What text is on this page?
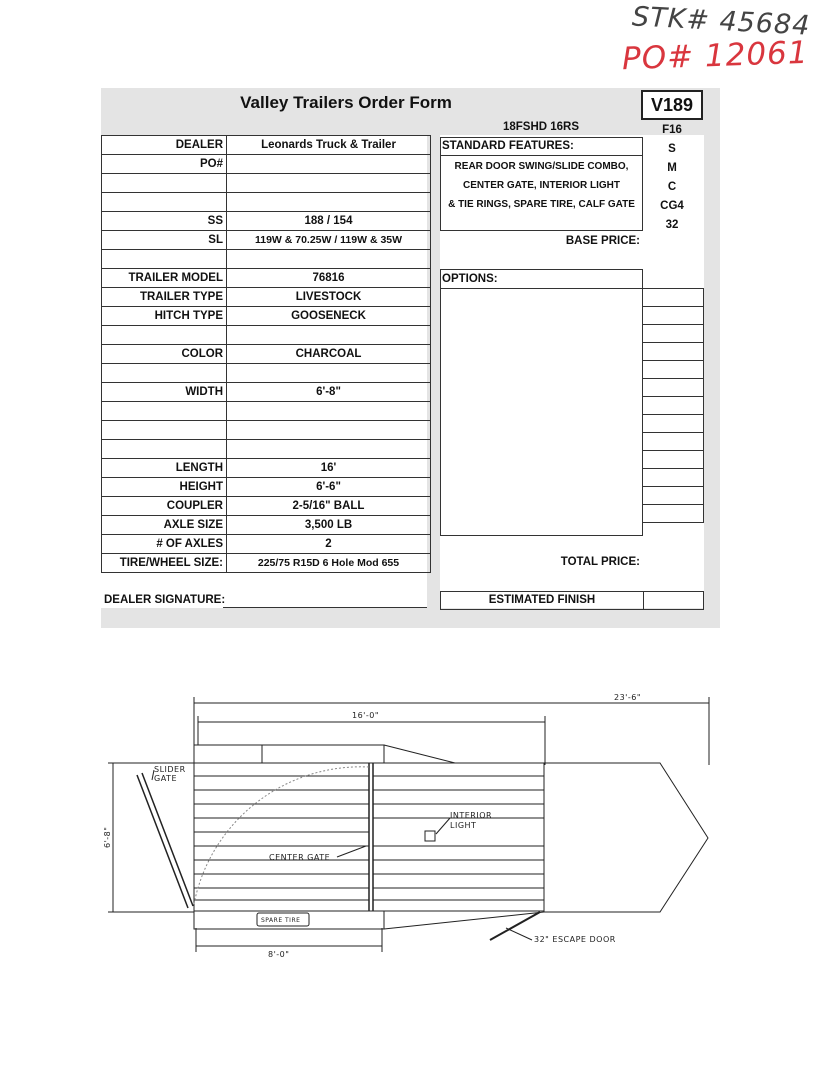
STK# 45684
PO# 12061
Valley Trailers Order Form	V189
DEALER	Leonards Truck & Trailer
PO#	

SS	188 / 154
SL	119W & 70.25W / 119W & 35W

TRAILER MODEL	76816
TRAILER TYPE	LIVESTOCK
HITCH TYPE	GOOSENECK

COLOR	CHARCOAL

WIDTH	6'-8"

LENGTH	16'
HEIGHT	6'-6"
COUPLER	2-5/16" BALL
AXLE SIZE	3,500 LB
# OF AXLES	2
TIRE/WHEEL SIZE:	225/75 R15D 6 Hole Mod 655
DEALER SIGNATURE:
18FSHD 16RS
STANDARD FEATURES:
REAR DOOR SWING/SLIDE COMBO,
CENTER GATE, INTERIOR LIGHT
& TIE RINGS, SPARE TIRE, CALF GATE
F16
S
M
C
CG4
32
BASE PRICE:
OPTIONS:

TOTAL PRICE:
ESTIMATED FINISH
23'-6"
16'-0"
6'-8"
8'-0"
SLIDER
GATE
INTERIOR
LIGHT
CENTER GATE
SPARE TIRE
32" ESCAPE DOOR
